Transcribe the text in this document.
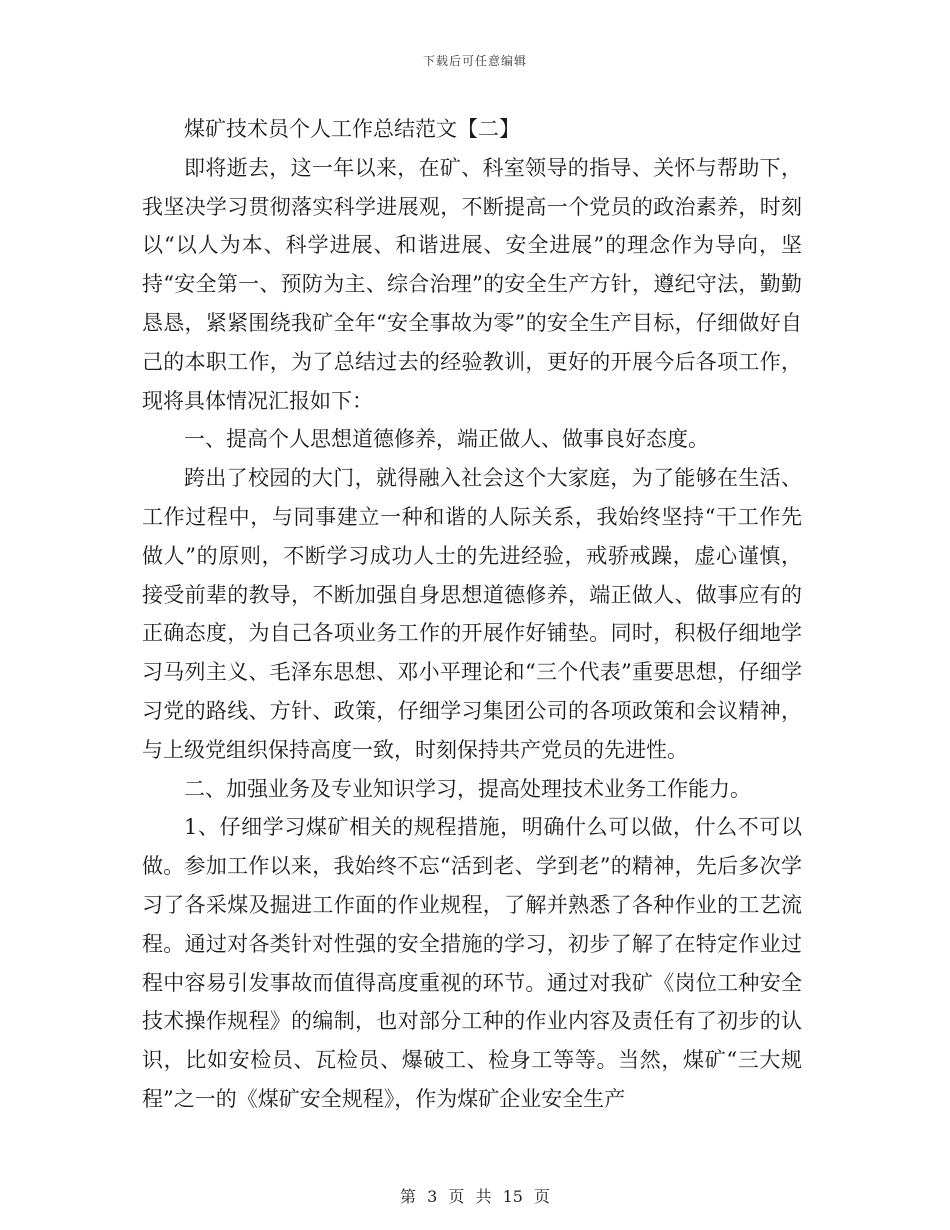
下载后可任意编辑

煤矿技术员个人工作总结范文【二】

即将逝去，这一年以来，在矿、科室领导的指导、关怀与帮助下，我坚决学习贯彻落实科学进展观，不断提高一个党员的政治素养，时刻以“以人为本、科学进展、和谐进展、安全进展”的理念作为导向，坚持“安全第一、预防为主、综合治理”的安全生产方针，遵纪守法，勤勤恳恳，紧紧围绕我矿全年“安全事故为零”的安全生产目标，仔细做好自己的本职工作，为了总结过去的经验教训，更好的开展今后各项工作，现将具体情况汇报如下：

一、提高个人思想道德修养，端正做人、做事良好态度。

跨出了校园的大门，就得融入社会这个大家庭，为了能够在生活、工作过程中，与同事建立一种和谐的人际关系，我始终坚持“干工作先做人”的原则，不断学习成功人士的先进经验，戒骄戒躁，虚心谨慎，接受前辈的教导，不断加强自身思想道德修养，端正做人、做事应有的正确态度，为自己各项业务工作的开展作好铺垫。同时，积极仔细地学习马列主义、毛泽东思想、邓小平理论和“三个代表”重要思想，仔细学习党的路线、方针、政策，仔细学习集团公司的各项政策和会议精神，与上级党组织保持高度一致，时刻保持共产党员的先进性。

二、加强业务及专业知识学习，提高处理技术业务工作能力。

1、仔细学习煤矿相关的规程措施，明确什么可以做，什么不可以做。参加工作以来，我始终不忘“活到老、学到老”的精神，先后多次学习了各采煤及掘进工作面的作业规程，了解并熟悉了各种作业的工艺流程。通过对各类针对性强的安全措施的学习，初步了解了在特定作业过程中容易引发事故而值得高度重视的环节。通过对我矿《岗位工种安全技术操作规程》的编制，也对部分工种的作业内容及责任有了初步的认识，比如安检员、瓦检员、爆破工、检身工等等。当然，煤矿“三大规程”之一的《煤矿安全规程》，作为煤矿企业安全生产

第 3 页 共 15 页
